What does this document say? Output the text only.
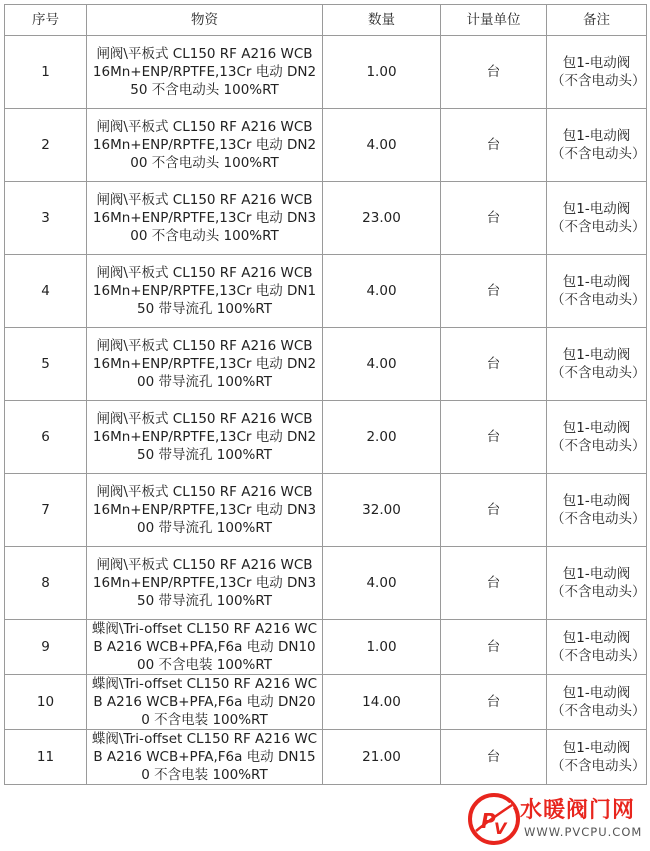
序号	物资	数量	计量单位	备注
1	闸阀\平板式 CL150 RF A216 WCB 16Mn+ENP/RPTFE,13Cr 电动 DN250 不含电动头 100%RT	1.00	台	包1-电动阀（不含电动头）
2	闸阀\平板式 CL150 RF A216 WCB 16Mn+ENP/RPTFE,13Cr 电动 DN200 不含电动头 100%RT	4.00	台	包1-电动阀（不含电动头）
3	闸阀\平板式 CL150 RF A216 WCB 16Mn+ENP/RPTFE,13Cr 电动 DN300 不含电动头 100%RT	23.00	台	包1-电动阀（不含电动头）
4	闸阀\平板式 CL150 RF A216 WCB 16Mn+ENP/RPTFE,13Cr 电动 DN150 带导流孔 100%RT	4.00	台	包1-电动阀（不含电动头）
5	闸阀\平板式 CL150 RF A216 WCB 16Mn+ENP/RPTFE,13Cr 电动 DN200 带导流孔 100%RT	4.00	台	包1-电动阀（不含电动头）
6	闸阀\平板式 CL150 RF A216 WCB 16Mn+ENP/RPTFE,13Cr 电动 DN250 带导流孔 100%RT	2.00	台	包1-电动阀（不含电动头）
7	闸阀\平板式 CL150 RF A216 WCB 16Mn+ENP/RPTFE,13Cr 电动 DN300 带导流孔 100%RT	32.00	台	包1-电动阀（不含电动头）
8	闸阀\平板式 CL150 RF A216 WCB 16Mn+ENP/RPTFE,13Cr 电动 DN350 带导流孔 100%RT	4.00	台	包1-电动阀（不含电动头）
9	蝶阀\Tri-offset CL150 RF A216 WCB A216 WCB+PFA,F6a 电动 DN1000 不含电装 100%RT	1.00	台	包1-电动阀（不含电动头）
10	蝶阀\Tri-offset CL150 RF A216 WCB A216 WCB+PFA,F6a 电动 DN200 不含电装 100%RT	14.00	台	包1-电动阀（不含电动头）
11	蝶阀\Tri-offset CL150 RF A216 WCB A216 WCB+PFA,F6a 电动 DN150 不含电装 100%RT	21.00	台	包1-电动阀（不含电动头）
P
V
水暖阀门网
WWW.PVCPU.COM
